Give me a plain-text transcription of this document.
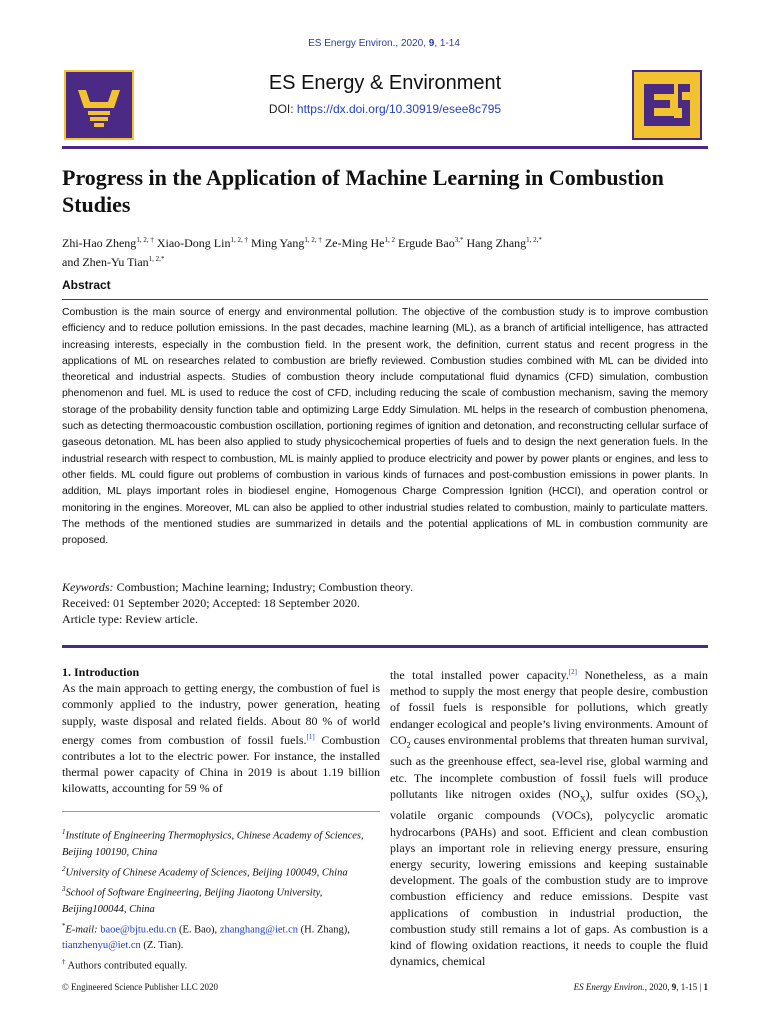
ES Energy Environ., 2020, 9, 1-14
ES Energy & Environment
DOI: https://dx.doi.org/10.30919/esee8c795
Progress in the Application of Machine Learning in Combustion Studies
Zhi-Hao Zheng$^{1, 2, \dagger}$ Xiao-Dong Lin$^{1, 2, \dagger}$ Ming Yang$^{1, 2, \dagger}$ Ze-Ming He$^{1, 2}$ Ergude Bao$^{3,*}$ Hang Zhang$^{1, 2,*}$
and Zhen-Yu Tian$^{1, 2,*}$
Abstract
Combustion is the main source of energy and environmental pollution. The objective of the combustion study is to improve combustion efficiency and to reduce pollution emissions. In the past decades, machine learning (ML), as a branch of artificial intelligence, has attracted increasing interests, especially in the combustion field. In the present work, the definition, current status and recent progress in the applications of ML on researches related to combustion are briefly reviewed. Combustion studies combined with ML can be divided into theoretical and industrial aspects. Studies of combustion theory include computational fluid dynamics (CFD) simulation, combustion phenomenon and fuel. ML is used to reduce the cost of CFD, including reducing the scale of combustion mechanism, saving the memory storage of the probability density function table and optimizing Large Eddy Simulation. ML helps in the research of combustion phenomena, such as detecting thermoacoustic combustion oscillation, portioning regimes of ignition and detonation, and reconstructing cellular surface of gaseous detonation. ML has been also applied to study physicochemical properties of fuels and to design the next generation fuels. In the industrial research with respect to combustion, ML is mainly applied to produce electricity and power by power plants or engines, and less to other fields. ML could figure out problems of combustion in various kinds of furnaces and post-combustion emissions in power plants. In addition, ML plays important roles in biodiesel engine, Homogenous Charge Compression Ignition (HCCI), and operation control or monitoring in the engines. Moreover, ML can also be applied to other industrial studies related to combustion, mainly to particulate matters. The methods of the mentioned studies are summarized in details and the potential applications of ML in combustion community are proposed.
Keywords: Combustion; Machine learning; Industry; Combustion theory.
Received: 01 September 2020; Accepted: 18 September 2020.
Article type: Review article.
1. Introduction
As the main approach to getting energy, the combustion of fuel is commonly applied to the industry, power generation, heating supply, waste disposal and related fields. About 80 % of world energy comes from combustion of fossil fuels.[1] Combustion contributes a lot to the electric power. For instance, the installed thermal power capacity of China in 2019 is about 1.19 billion kilowatts, accounting for 59 % of
$^1$Institute of Engineering Thermophysics, Chinese Academy of Sciences, Beijing 100190, China
$^2$University of Chinese Academy of Sciences, Beijing 100049, China
$^3$School of Software Engineering, Beijing Jiaotong University, Beijing100044, China
*E-mail: baoe@bjtu.edu.cn (E. Bao), zhanghang@iet.cn (H. Zhang), tianzhenyu@iet.cn (Z. Tian).
† Authors contributed equally.
the total installed power capacity.[2] Nonetheless, as a main method to supply the most energy that people desire, combustion of fossil fuels is responsible for pollutions, which greatly endanger ecological and people’s living environments. Amount of $CO_2$ causes environmental problems that threaten human survival, such as the greenhouse effect, sea-level rise, global warming and etc. The incomplete combustion of fossil fuels will produce pollutants like nitrogen oxides $(NO_X)$, sulfur oxides $(SO_X)$, volatile organic compounds (VOCs), polycyclic aromatic hydrocarbons (PAHs) and soot. Efficient and clean combustion plays an important role in relieving energy pressure, ensuring energy security, lowering emissions and keeping sustainable development. The goals of the combustion study are to improve combustion efficiency and reduce emissions. Despite vast applications of combustion in industrial production, the combustion study still remains a lot of gaps. As combustion is a kind of flowing oxidation reactions, it needs to couple the fluid dynamics, chemical
© Engineered Science Publisher LLC 2020	ES Energy Environ., 2020, 9, 1-15 | 1
